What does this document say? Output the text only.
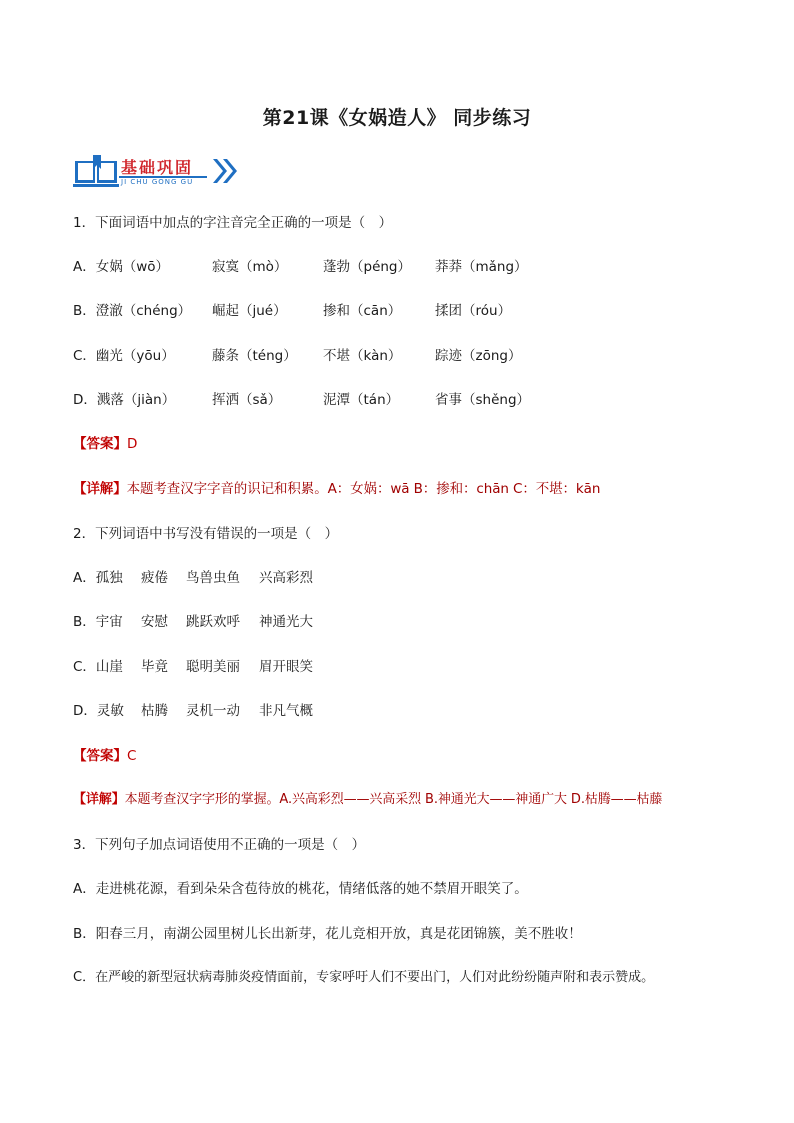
第21课《女娲造人》 同步练习
基础巩固
JI CHU GONG GU
1．下面词语中加点的字注音完全正确的一项是（　）
A．女娲（wō）	寂寞（mò）	蓬勃（péng） 莽莽（mǎng）
B．澄澈（chéng） 崛起（jué）	掺和（cān） 揉团（róu）
C．幽光（yōu）	藤条（téng） 不堪（kàn） 踪迹（zōng）
D．溅落（jiàn）	挥洒（sǎ）	泥潭（tán）	省事（shěng）
【答案】D
【详解】本题考查汉字字音的识记和积累。A：女娲：wā B：掺和：chān C：不堪：kān
2．下列词语中书写没有错误的一项是（　）
A．孤独 疲倦 鸟兽虫鱼 兴高彩烈
B．宇宙 安慰 跳跃欢呼 神通光大
C．山崖 毕竟 聪明美丽 眉开眼笑
D．灵敏 枯腾 灵机一动 非凡气概
【答案】C
【详解】本题考查汉字字形的掌握。A.兴高彩烈——兴高采烈 B.神通光大——神通广大 D.枯腾——枯藤
3．下列句子加点词语使用不正确的一项是（　）
A．走进桃花源，看到朵朵含苞待放的桃花，情绪低落的她不禁眉开眼笑了。
B．阳春三月，南湖公园里树儿长出新芽，花儿竞相开放，真是花团锦簇，美不胜收！
C．在严峻的新型冠状病毒肺炎疫情面前，专家呼吁人们不要出门，人们对此纷纷随声附和表示赞成。
